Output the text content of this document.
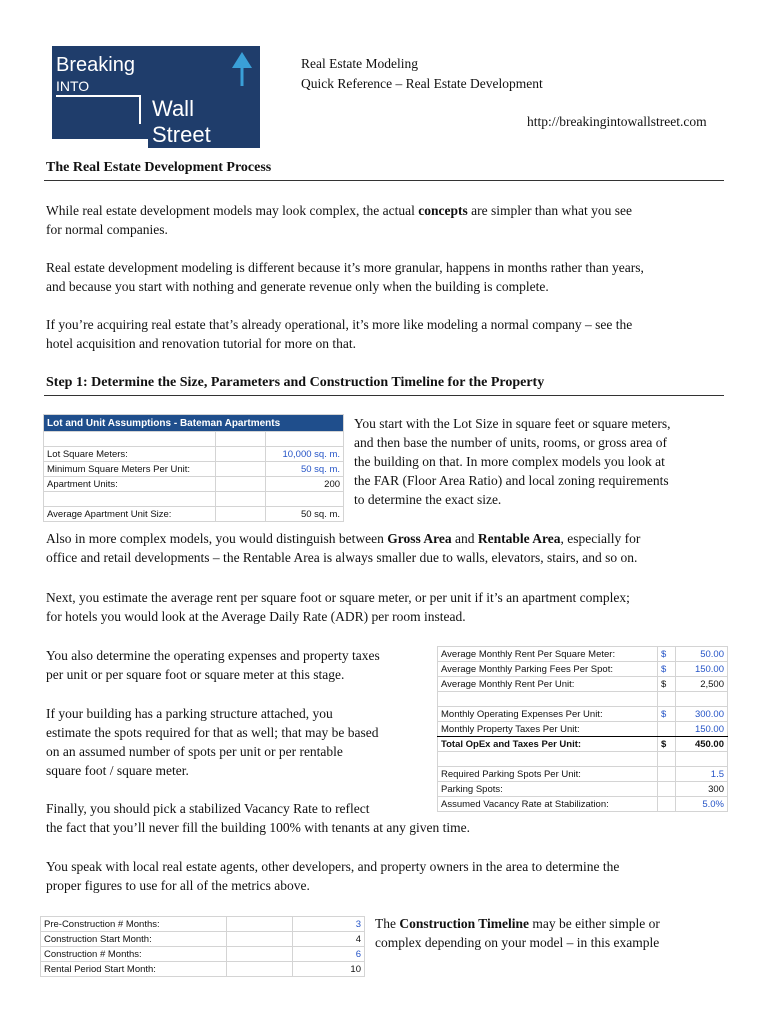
Breaking
INTO
Wall Street
Real Estate Modeling
Quick Reference – Real Estate Development
http://breakingintowallstreet.com
The Real Estate Development Process
While real estate development models may look complex, the actual concepts are simpler than what you see
for normal companies.
Real estate development modeling is different because it’s more granular, happens in months rather than years,
and because you start with nothing and generate revenue only when the building is complete.
If you’re acquiring real estate that’s already operational, it’s more like modeling a normal company – see the
hotel acquisition and renovation tutorial for more on that.
Step 1: Determine the Size, Parameters and Construction Timeline for the Property
Lot and Unit Assumptions - Bateman Apartments		

Lot Square Meters:		10,000 sq. m.
Minimum Square Meters Per Unit:		50 sq. m.
Apartment Units:		200

Average Apartment Unit Size:		50 sq. m.
You start with the Lot Size in square feet or square meters,
and then base the number of units, rooms, or gross area of
the building on that. In more complex models you look at
the FAR (Floor Area Ratio) and local zoning requirements
to determine the exact size.
Also in more complex models, you would distinguish between Gross Area and Rentable Area, especially for
office and retail developments – the Rentable Area is always smaller due to walls, elevators, stairs, and so on.
Next, you estimate the average rent per square foot or square meter, or per unit if it’s an apartment complex;
for hotels you would look at the Average Daily Rate (ADR) per room instead.
You also determine the operating expenses and property taxes
per unit or per square foot or square meter at this stage.
If your building has a parking structure attached, you
estimate the spots required for that as well; that may be based
on an assumed number of spots per unit or per rentable
square foot / square meter.
Average Monthly Rent Per Square Meter:	$	50.00
Average Monthly Parking Fees Per Spot:	$	150.00
Average Monthly Rent Per Unit:	$	2,500

Monthly Operating Expenses Per Unit:	$	300.00
Monthly Property Taxes Per Unit:		150.00
Total OpEx and Taxes Per Unit:	$	450.00

Required Parking Spots Per Unit:		1.5
Parking Spots:		300
Assumed Vacancy Rate at Stabilization:		5.0%
Finally, you should pick a stabilized Vacancy Rate to reflect
the fact that you’ll never fill the building 100% with tenants at any given time.
You speak with local real estate agents, other developers, and property owners in the area to determine the
proper figures to use for all of the metrics above.
Pre-Construction # Months:		3
Construction Start Month:		4
Construction # Months:		6
Rental Period Start Month:		10
The Construction Timeline may be either simple or
complex depending on your model – in this example
